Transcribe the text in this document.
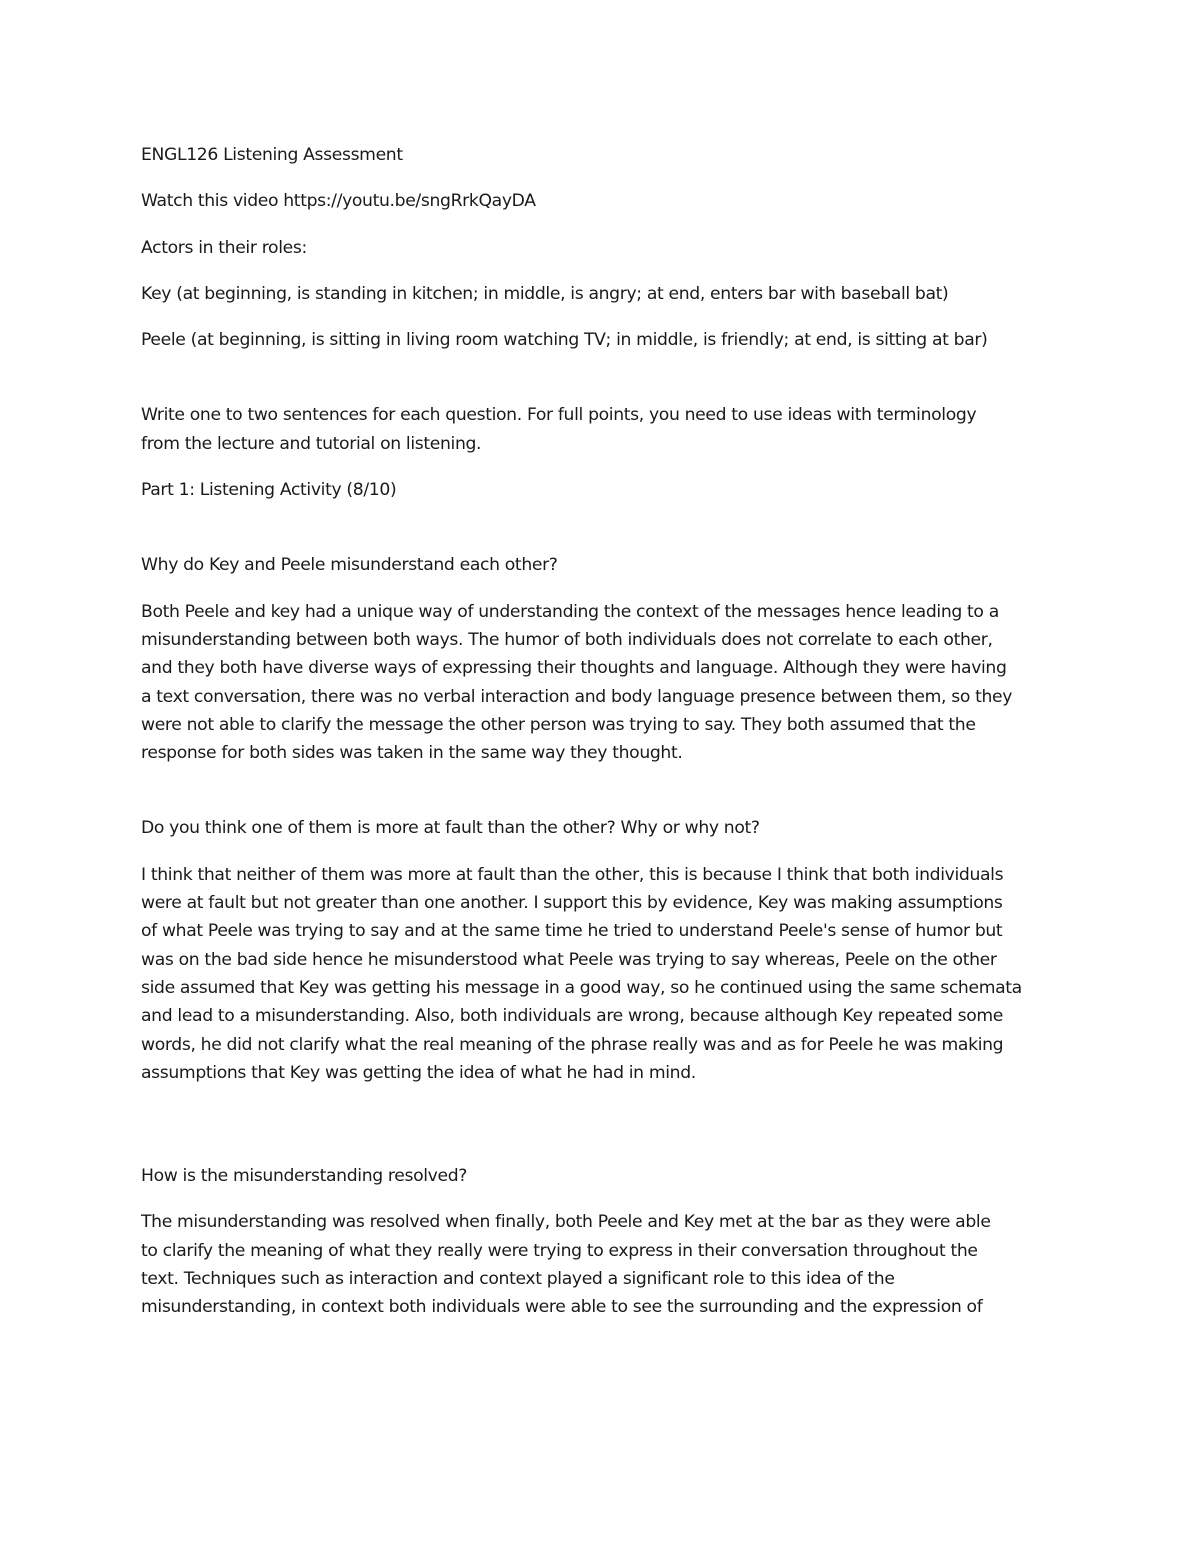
ENGL126 Listening Assessment

Watch this video https://youtu.be/sngRrkQayDA

Actors in their roles:

Key (at beginning, is standing in kitchen; in middle, is angry; at end, enters bar with baseball bat)

Peele (at beginning, is sitting in living room watching TV; in middle, is friendly; at end, is sitting at bar)

Write one to two sentences for each question. For full points, you need to use ideas with terminology

from the lecture and tutorial on listening.

Part 1: Listening Activity (8/10)

Why do Key and Peele misunderstand each other?

Both Peele and key had a unique way of understanding the context of the messages hence leading to a

misunderstanding between both ways. The humor of both individuals does not correlate to each other,

and they both have diverse ways of expressing their thoughts and language. Although they were having

a text conversation, there was no verbal interaction and body language presence between them, so they

were not able to clarify the message the other person was trying to say. They both assumed that the

response for both sides was taken in the same way they thought.

Do you think one of them is more at fault than the other? Why or why not?

I think that neither of them was more at fault than the other, this is because I think that both individuals

were at fault but not greater than one another. I support this by evidence, Key was making assumptions

of what Peele was trying to say and at the same time he tried to understand Peele's sense of humor but

was on the bad side hence he misunderstood what Peele was trying to say whereas, Peele on the other

side assumed that Key was getting his message in a good way, so he continued using the same schemata

and lead to a misunderstanding. Also, both individuals are wrong, because although Key repeated some

words, he did not clarify what the real meaning of the phrase really was and as for Peele he was making

assumptions that Key was getting the idea of what he had in mind.

How is the misunderstanding resolved?

The misunderstanding was resolved when finally, both Peele and Key met at the bar as they were able

to clarify the meaning of what they really were trying to express in their conversation throughout the

text. Techniques such as interaction and context played a significant role to this idea of the

misunderstanding, in context both individuals were able to see the surrounding and the expression of
